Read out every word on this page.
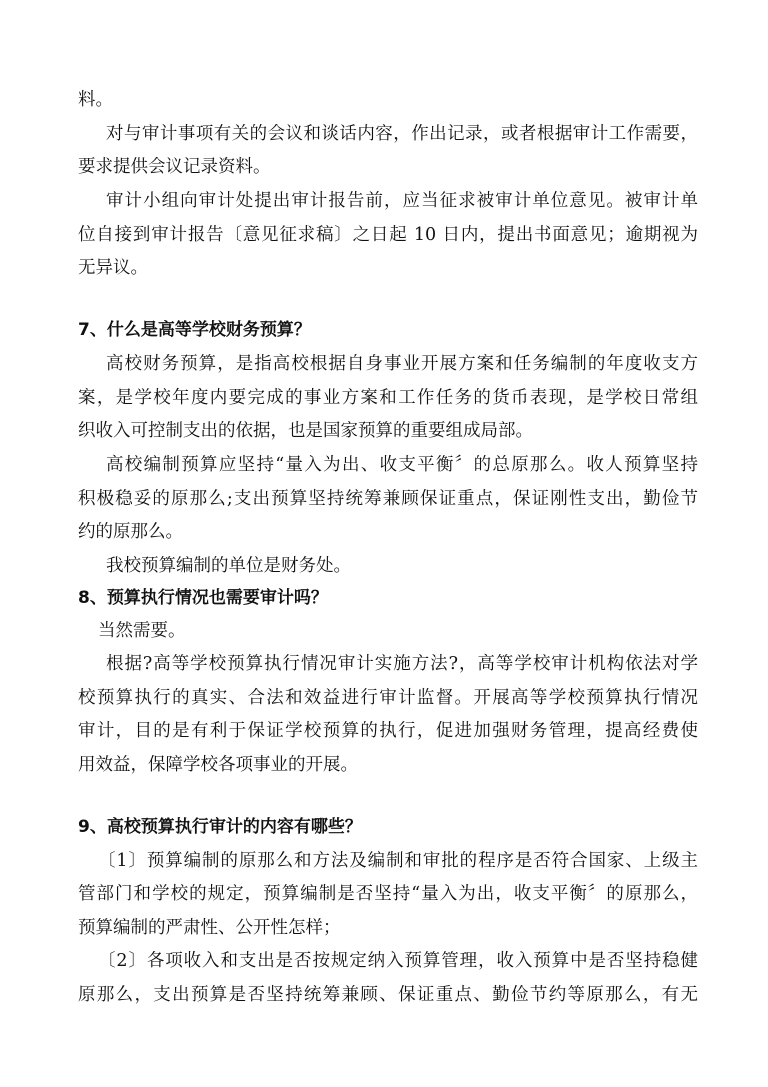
料。
对与审计事项有关的会议和谈话内容，作出记录，或者根据审计工作需要，
要求提供会议记录资料。
审计小组向审计处提出审计报告前，应当征求被审计单位意见。被审计单
位自接到审计报告〔意见征求稿〕之日起 10 日内，提出书面意见；逾期视为
无异议。
7、什么是高等学校财务预算？
高校财务预算，是指高校根据自身事业开展方案和任务编制的年度收支方
案，是学校年度内要完成的事业方案和工作任务的货币表现，是学校日常组
织收入可控制支出的依据，也是国家预算的重要组成局部。
高校编制预算应坚持“量入为出、收支平衡〞的总原那么。收人预算坚持
积极稳妥的原那么;支出预算坚持统筹兼顾保证重点，保证刚性支出，勤俭节
约的原那么。
我校预算编制的单位是财务处。
8、预算执行情况也需要审计吗？
当然需要。
根据?高等学校预算执行情况审计实施方法?，高等学校审计机构依法对学
校预算执行的真实、合法和效益进行审计监督。开展高等学校预算执行情况
审计，目的是有利于保证学校预算的执行，促进加强财务管理，提高经费使
用效益，保障学校各项事业的开展。
9、高校预算执行审计的内容有哪些？
〔1〕预算编制的原那么和方法及编制和审批的程序是否符合国家、上级主
管部门和学校的规定，预算编制是否坚持“量入为出，收支平衡〞的原那么，
预算编制的严肃性、公开性怎样；
〔2〕各项收入和支出是否按规定纳入预算管理，收入预算中是否坚持稳健
原那么，支出预算是否坚持统筹兼顾、保证重点、勤俭节约等原那么，有无
